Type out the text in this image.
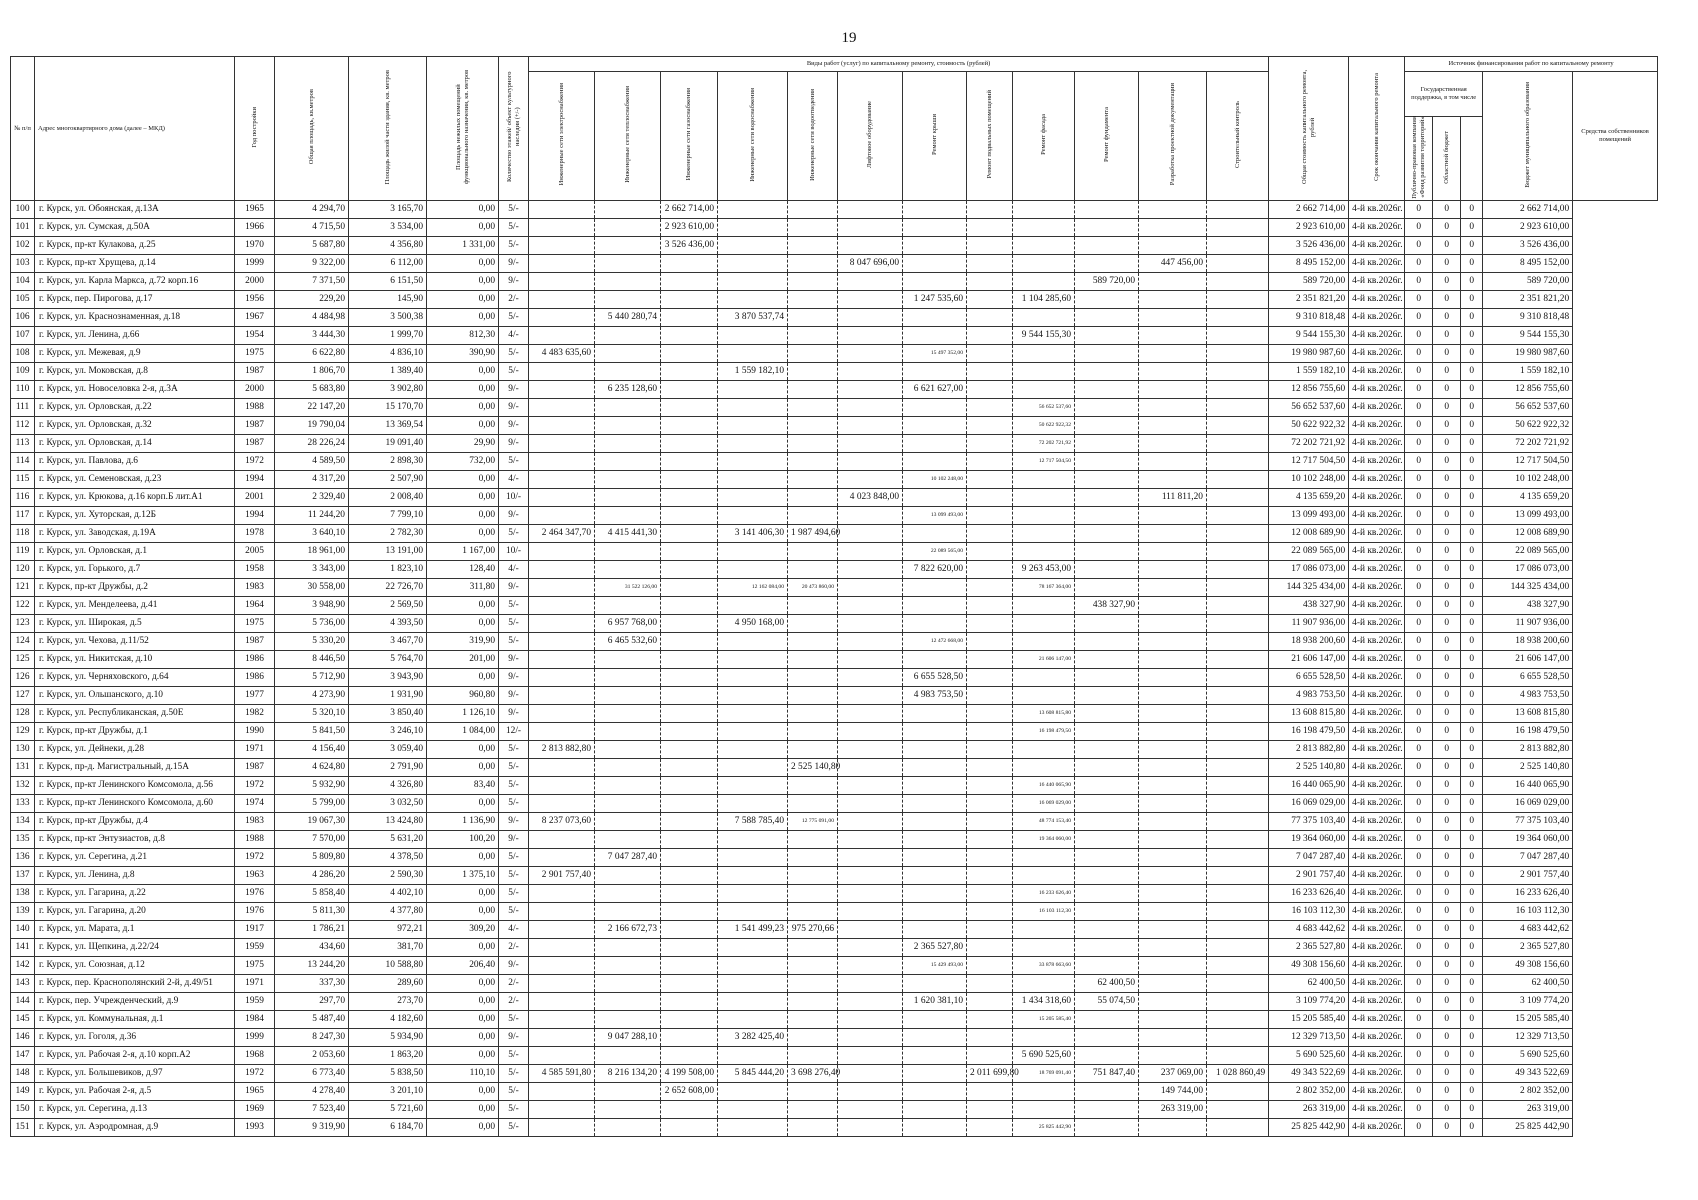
19
№ п/п	Адрес многоквартирного дома (далее – МКД)	Год постройки	Общая площадь, кв.метров	Площадь жилой части здания, кв. метров	Площадь нежилых помещений функционального назначения, кв. метров	Количество этажей/ объект культурного наследия (+/-)	Виды работ (услуг) по капитальному ремонту, стоимость (рублей)												Общая стоимость капитального ремонта, рублей	Срок окончания капитального ремонта	Источник финансирования работ по капитальному ремонту				
							Инженерные сети электроснабжения	Инженерные сети теплоснабжения	Инженерные сети газоснабжения	Инженерные сети водоснабжения	Инженерные сети водоотведения	Лифтовое оборудование	Ремонт крыши	Ремонт подвальных помещений	Ремонт фасада	Ремонт фундамента	Разработка проектной документации	Строительный контроль			Государственная поддержка, в том числе			Бюджет муниципального образования	Средства собственников помещений
																					Публично-правовая компания «Фонд развития территорий»	Областной бюджет		
100	г. Курск, ул. Обоянская, д.13А	1965	4 294,70	3 165,70	0,00	5/-			2 662 714,00										2 662 714,00	4-й кв.2026г.	0	0	0	2 662 714,00	
101	г. Курск, ул. Сумская, д.50А	1966	4 715,50	3 534,00	0,00	5/-			2 923 610,00										2 923 610,00	4-й кв.2026г.	0	0	0	2 923 610,00	
102	г. Курск, пр-кт Кулакова, д.25	1970	5 687,80	4 356,80	1 331,00	5/-			3 526 436,00										3 526 436,00	4-й кв.2026г.	0	0	0	3 526 436,00	
103	г. Курск, пр-кт Хрущева, д.14	1999	9 322,00	6 112,00	0,00	9/-						8 047 696,00					447 456,00		8 495 152,00	4-й кв.2026г.	0	0	0	8 495 152,00	
104	г. Курск, ул. Карла Маркса, д.72 корп.16	2000	7 371,50	6 151,50	0,00	9/-										589 720,00			589 720,00	4-й кв.2026г.	0	0	0	589 720,00	
105	г. Курск, пер. Пирогова, д.17	1956	229,20	145,90	0,00	2/-							1 247 535,60		1 104 285,60				2 351 821,20	4-й кв.2026г.	0	0	0	2 351 821,20	
106	г. Курск, ул. Краснознаменная, д.18	1967	4 484,98	3 500,38	0,00	5/-		5 440 280,74		3 870 537,74									9 310 818,48	4-й кв.2026г.	0	0	0	9 310 818,48	
107	г. Курск, ул. Ленина, д.66	1954	3 444,30	1 999,70	812,30	4/-									9 544 155,30				9 544 155,30	4-й кв.2026г.	0	0	0	9 544 155,30	
108	г. Курск, ул. Межевая, д.9	1975	6 622,80	4 836,10	390,90	5/-	4 483 635,60						15 497 352,00						19 980 987,60	4-й кв.2026г.	0	0	0	19 980 987,60	
109	г. Курск, ул. Моковская, д.8	1987	1 806,70	1 389,40	0,00	5/-				1 559 182,10									1 559 182,10	4-й кв.2026г.	0	0	0	1 559 182,10	
110	г. Курск, ул. Новоселовка 2-я, д.3А	2000	5 683,80	3 902,80	0,00	9/-		6 235 128,60					6 621 627,00						12 856 755,60	4-й кв.2026г.	0	0	0	12 856 755,60	
111	г. Курск, ул. Орловская, д.22	1988	22 147,20	15 170,70	0,00	9/-									56 652 537,60				56 652 537,60	4-й кв.2026г.	0	0	0	56 652 537,60	
112	г. Курск, ул. Орловская, д.32	1987	19 790,04	13 369,54	0,00	9/-									50 622 922,32				50 622 922,32	4-й кв.2026г.	0	0	0	50 622 922,32	
113	г. Курск, ул. Орловская, д.14	1987	28 226,24	19 091,40	29,90	9/-									72 202 721,92				72 202 721,92	4-й кв.2026г.	0	0	0	72 202 721,92	
114	г. Курск, ул. Павлова, д.6	1972	4 589,50	2 898,30	732,00	5/-									12 717 504,50				12 717 504,50	4-й кв.2026г.	0	0	0	12 717 504,50	
115	г. Курск, ул. Семеновская, д.23	1994	4 317,20	2 507,90	0,00	4/-							10 102 248,00						10 102 248,00	4-й кв.2026г.	0	0	0	10 102 248,00	
116	г. Курск, ул. Крюкова, д.16 корп.Б лит.А1	2001	2 329,40	2 008,40	0,00	10/-						4 023 848,00					111 811,20		4 135 659,20	4-й кв.2026г.	0	0	0	4 135 659,20	
117	г. Курск, ул. Хуторская, д.12Б	1994	11 244,20	7 799,10	0,00	9/-							13 099 493,00						13 099 493,00	4-й кв.2026г.	0	0	0	13 099 493,00	
118	г. Курск, ул. Заводская, д.19А	1978	3 640,10	2 782,30	0,00	5/-	2 464 347,70	4 415 441,30		3 141 406,30	1 987 494,60								12 008 689,90	4-й кв.2026г.	0	0	0	12 008 689,90	
119	г. Курск, ул. Орловская, д.1	2005	18 961,00	13 191,00	1 167,00	10/-							22 089 565,00						22 089 565,00	4-й кв.2026г.	0	0	0	22 089 565,00	
120	г. Курск, ул. Горького, д.7	1958	3 343,00	1 823,10	128,40	4/-							7 822 620,00		9 263 453,00				17 086 073,00	4-й кв.2026г.	0	0	0	17 086 073,00	
121	г. Курск, пр-кт Дружбы, д.2	1983	30 558,00	22 726,70	311,80	9/-		31 522 126,00		12 162 084,00	20 473 860,00				78 167 364,00				144 325 434,00	4-й кв.2026г.	0	0	0	144 325 434,00	
122	г. Курск, ул. Менделеева, д.41	1964	3 948,90	2 569,50	0,00	5/-										438 327,90			438 327,90	4-й кв.2026г.	0	0	0	438 327,90	
123	г. Курск, ул. Широкая, д.5	1975	5 736,00	4 393,50	0,00	5/-		6 957 768,00		4 950 168,00									11 907 936,00	4-й кв.2026г.	0	0	0	11 907 936,00	
124	г. Курск, ул. Чехова, д.11/52	1987	5 330,20	3 467,70	319,90	5/-		6 465 532,60					12 472 668,00						18 938 200,60	4-й кв.2026г.	0	0	0	18 938 200,60	
125	г. Курск, ул. Никитская, д.10	1986	8 446,50	5 764,70	201,00	9/-									21 606 147,00				21 606 147,00	4-й кв.2026г.	0	0	0	21 606 147,00	
126	г. Курск, ул. Черняховского, д.64	1986	5 712,90	3 943,90	0,00	9/-							6 655 528,50						6 655 528,50	4-й кв.2026г.	0	0	0	6 655 528,50	
127	г. Курск, ул. Ольшанского, д.10	1977	4 273,90	1 931,90	960,80	9/-							4 983 753,50						4 983 753,50	4-й кв.2026г.	0	0	0	4 983 753,50	
128	г. Курск, ул. Республиканская, д.50Е	1982	5 320,10	3 850,40	1 126,10	9/-									13 608 815,80				13 608 815,80	4-й кв.2026г.	0	0	0	13 608 815,80	
129	г. Курск, пр-кт Дружбы, д.1	1990	5 841,50	3 246,10	1 084,00	12/-									16 198 479,50				16 198 479,50	4-й кв.2026г.	0	0	0	16 198 479,50	
130	г. Курск, ул. Дейнеки, д.28	1971	4 156,40	3 059,40	0,00	5/-	2 813 882,80												2 813 882,80	4-й кв.2026г.	0	0	0	2 813 882,80	
131	г. Курск, пр-д. Магистральный, д.15А	1987	4 624,80	2 791,90	0,00	5/-					2 525 140,80								2 525 140,80	4-й кв.2026г.	0	0	0	2 525 140,80	
132	г. Курск, пр-кт Ленинского Комсомола, д.56	1972	5 932,90	4 326,80	83,40	5/-									16 440 065,90				16 440 065,90	4-й кв.2026г.	0	0	0	16 440 065,90	
133	г. Курск, пр-кт Ленинского Комсомола, д.60	1974	5 799,00	3 032,50	0,00	5/-									16 069 029,00				16 069 029,00	4-й кв.2026г.	0	0	0	16 069 029,00	
134	г. Курск, пр-кт Дружбы, д.4	1983	19 067,30	13 424,80	1 136,90	9/-	8 237 073,60			7 588 785,40	12 775 091,00				48 774 153,40				77 375 103,40	4-й кв.2026г.	0	0	0	77 375 103,40	
135	г. Курск, пр-кт Энтузиастов, д.8	1988	7 570,00	5 631,20	100,20	9/-									19 364 060,00				19 364 060,00	4-й кв.2026г.	0	0	0	19 364 060,00	
136	г. Курск, ул. Серегина, д.21	1972	5 809,80	4 378,50	0,00	5/-		7 047 287,40											7 047 287,40	4-й кв.2026г.	0	0	0	7 047 287,40	
137	г. Курск, ул. Ленина, д.8	1963	4 286,20	2 590,30	1 375,10	5/-	2 901 757,40												2 901 757,40	4-й кв.2026г.	0	0	0	2 901 757,40	
138	г. Курск, ул. Гагарина, д.22	1976	5 858,40	4 402,10	0,00	5/-									16 233 626,40				16 233 626,40	4-й кв.2026г.	0	0	0	16 233 626,40	
139	г. Курск, ул. Гагарина, д.20	1976	5 811,30	4 377,80	0,00	5/-									16 103 112,30				16 103 112,30	4-й кв.2026г.	0	0	0	16 103 112,30	
140	г. Курск, ул. Марата, д.1	1917	1 786,21	972,21	309,20	4/-		2 166 672,73		1 541 499,23	975 270,66								4 683 442,62	4-й кв.2026г.	0	0	0	4 683 442,62	
141	г. Курск, ул. Щепкина, д.22/24	1959	434,60	381,70	0,00	2/-							2 365 527,80						2 365 527,80	4-й кв.2026г.	0	0	0	2 365 527,80	
142	г. Курск, ул. Союзная, д.12	1975	13 244,20	10 588,80	206,40	9/-							15 429 493,00		33 878 663,60				49 308 156,60	4-й кв.2026г.	0	0	0	49 308 156,60	
143	г. Курск, пер. Краснополянский 2-й, д.49/51	1971	337,30	289,60	0,00	2/-										62 400,50			62 400,50	4-й кв.2026г.	0	0	0	62 400,50	
144	г. Курск, пер. Учрежденческий, д.9	1959	297,70	273,70	0,00	2/-							1 620 381,10		1 434 318,60	55 074,50			3 109 774,20	4-й кв.2026г.	0	0	0	3 109 774,20	
145	г. Курск, ул. Коммунальная, д.1	1984	5 487,40	4 182,60	0,00	5/-									15 205 585,40				15 205 585,40	4-й кв.2026г.	0	0	0	15 205 585,40	
146	г. Курск, ул. Гоголя, д.36	1999	8 247,30	5 934,90	0,00	9/-		9 047 288,10		3 282 425,40									12 329 713,50	4-й кв.2026г.	0	0	0	12 329 713,50	
147	г. Курск, ул. Рабочая 2-я, д.10 корп.А2	1968	2 053,60	1 863,20	0,00	5/-									5 690 525,60				5 690 525,60	4-й кв.2026г.	0	0	0	5 690 525,60	
148	г. Курск, ул. Большевиков, д.97	1972	6 773,40	5 838,50	110,10	5/-	4 585 591,80	8 216 134,20	4 199 508,00	5 845 444,20	3 698 276,40			2 011 699,80	18 769 091,40	751 847,40	237 069,00	1 028 860,49	49 343 522,69	4-й кв.2026г.	0	0	0	49 343 522,69	
149	г. Курск, ул. Рабочая 2-я, д.5	1965	4 278,40	3 201,10	0,00	5/-			2 652 608,00								149 744,00		2 802 352,00	4-й кв.2026г.	0	0	0	2 802 352,00	
150	г. Курск, ул. Серегина, д.13	1969	7 523,40	5 721,60	0,00	5/-											263 319,00		263 319,00	4-й кв.2026г.	0	0	0	263 319,00	
151	г. Курск, ул. Аэродромная, д.9	1993	9 319,90	6 184,70	0,00	5/-									25 825 442,90				25 825 442,90	4-й кв.2026г.	0	0	0	25 825 442,90	
